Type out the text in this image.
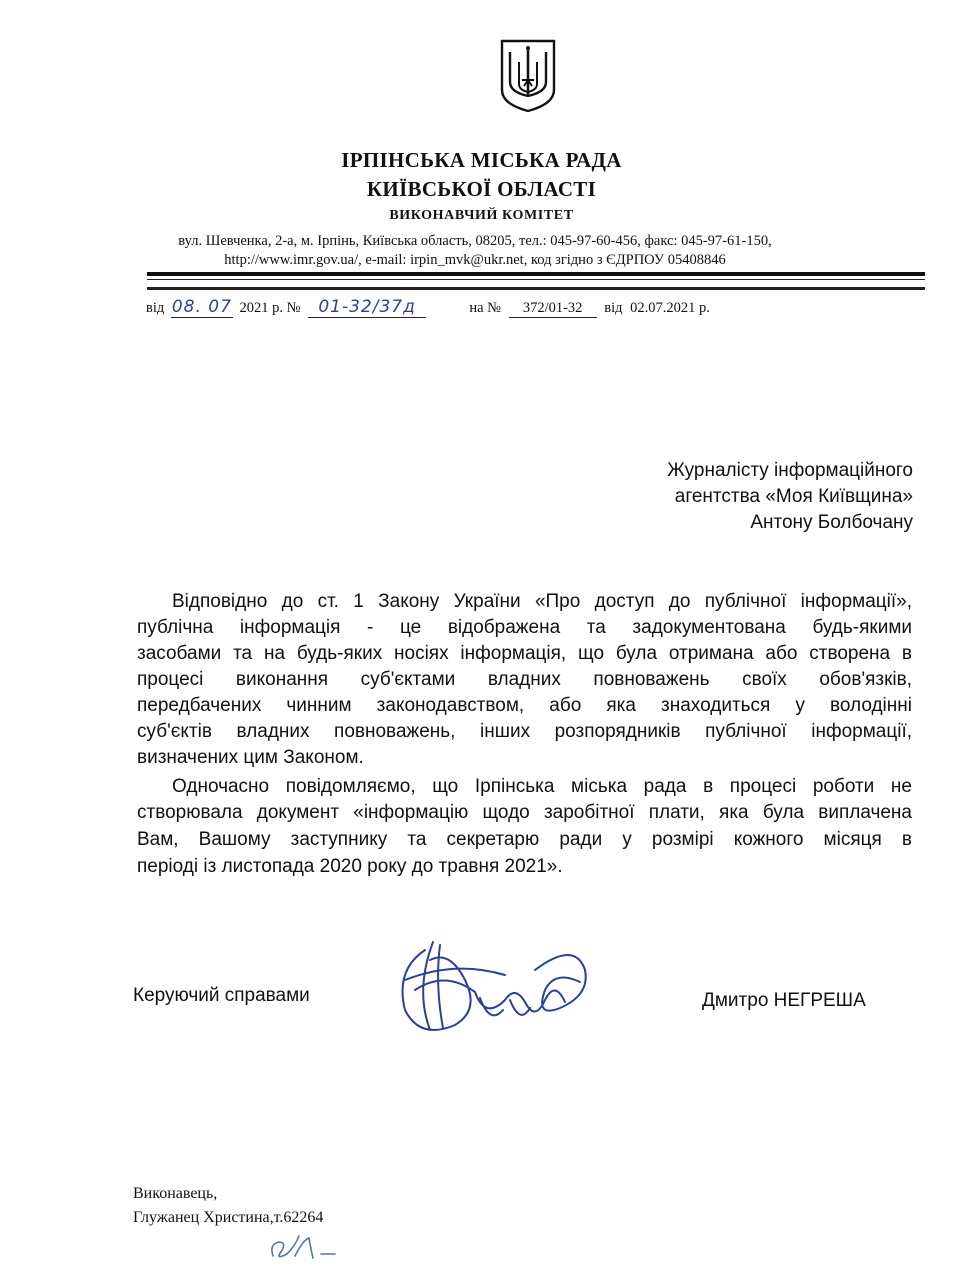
ІРПІНСЬКА МІСЬКА РАДА
КИЇВСЬКОЇ ОБЛАСТІ
ВИКОНАВЧИЙ КОМІТЕТ
вул. Шевченка, 2-а, м. Ірпінь, Київська область, 08205, тел.: 045-97-60-456, факс: 045-97-61-150,
http://www.imr.gov.ua/, e-mail: irpin_mvk@ukr.net, код згідно з ЄДРПОУ 05408846
від 08. 07 2021 р. № 01-32/37д	на № 372/01-32 від 02.07.2021 р.
Журналісту інформаційного
агентства «Моя Київщина»
Антону Болбочану
Відповідно до ст. 1 Закону України «Про доступ до публічної інформації»,
публічна інформація - це відображена та задокументована будь-якими
засобами та на будь-яких носіях інформація, що була отримана або створена в
процесі виконання суб'єктами владних повноважень своїх обов'язків,
передбачених чинним законодавством, або яка знаходиться у володінні
суб'єктів владних повноважень, інших розпорядників публічної інформації,
визначених цим Законом.
Одночасно повідомляємо, що Ірпінська міська рада в процесі роботи не
створювала документ «інформацію щодо заробітної плати, яка була виплачена
Вам, Вашому заступнику та секретарю ради у розмірі кожного місяця в
періоді із листопада 2020 року до травня 2021».
Керуючий справами	Дмитро НЕГРЕША
Виконавець,
Глужанец Христина,т.62264
